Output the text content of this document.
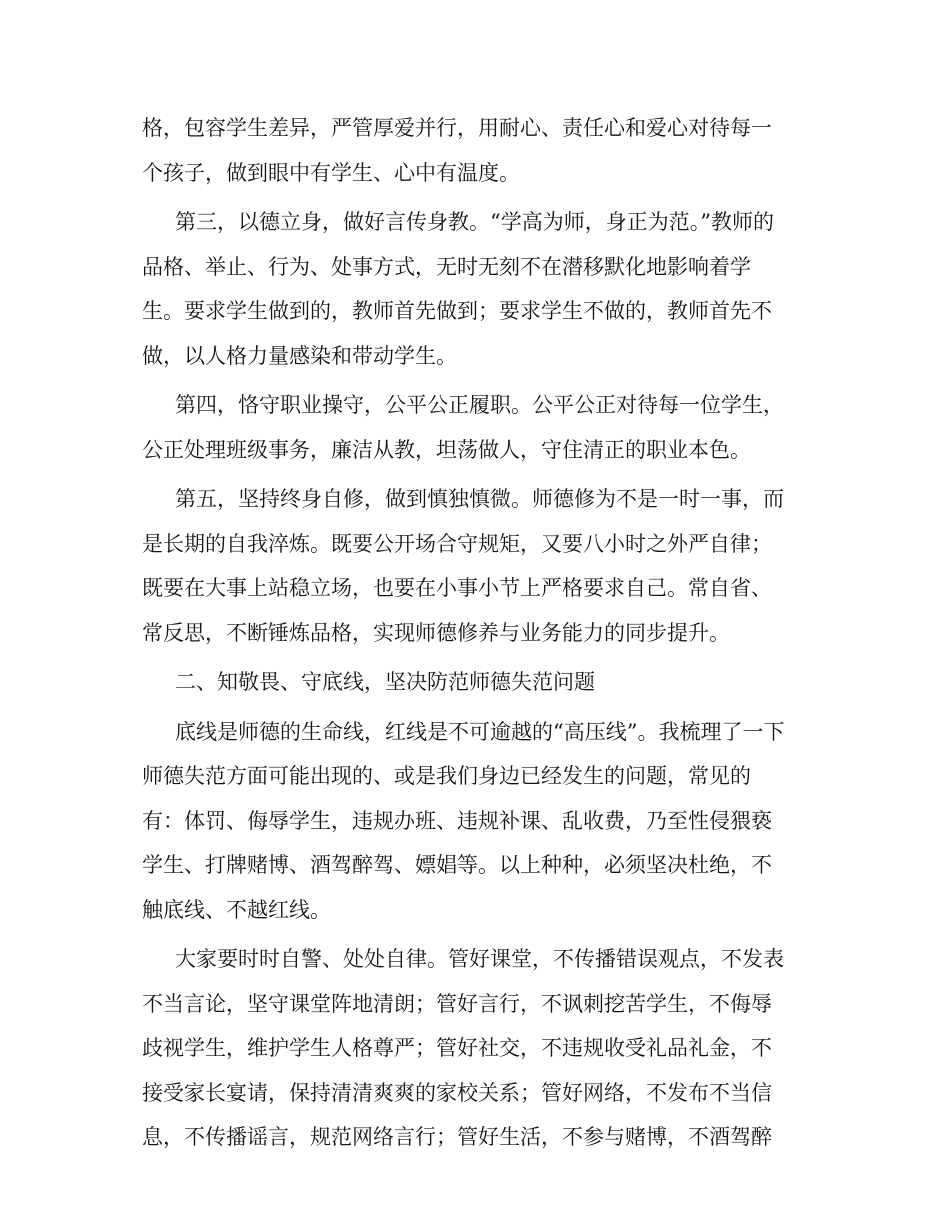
格，包容学生差异，严管厚爱并行，用耐心、责任心和爱心对待每一
个孩子，做到眼中有学生、心中有温度。
第三，以德立身，做好言传身教。“学高为师，身正为范。”教师的
品格、举止、行为、处事方式，无时无刻不在潜移默化地影响着学
生。要求学生做到的，教师首先做到；要求学生不做的，教师首先不
做，以人格力量感染和带动学生。
第四，恪守职业操守，公平公正履职。公平公正对待每一位学生，
公正处理班级事务，廉洁从教，坦荡做人，守住清正的职业本色。
第五，坚持终身自修，做到慎独慎微。师德修为不是一时一事，而
是长期的自我淬炼。既要公开场合守规矩，又要八小时之外严自律；
既要在大事上站稳立场，也要在小事小节上严格要求自己。常自省、
常反思，不断锤炼品格，实现师德修养与业务能力的同步提升。
二、知敬畏、守底线，坚决防范师德失范问题
底线是师德的生命线，红线是不可逾越的“高压线”。我梳理了一下
师德失范方面可能出现的、或是我们身边已经发生的问题，常见的
有：体罚、侮辱学生，违规办班、违规补课、乱收费，乃至性侵猥亵
学生、打牌赌博、酒驾醉驾、嫖娼等。以上种种，必须坚决杜绝，不
触底线、不越红线。
大家要时时自警、处处自律。管好课堂，不传播错误观点，不发表
不当言论，坚守课堂阵地清朗；管好言行，不讽刺挖苦学生，不侮辱
歧视学生，维护学生人格尊严；管好社交，不违规收受礼品礼金，不
接受家长宴请，保持清清爽爽的家校关系；管好网络，不发布不当信
息，不传播谣言，规范网络言行；管好生活，不参与赌博，不酒驾醉
